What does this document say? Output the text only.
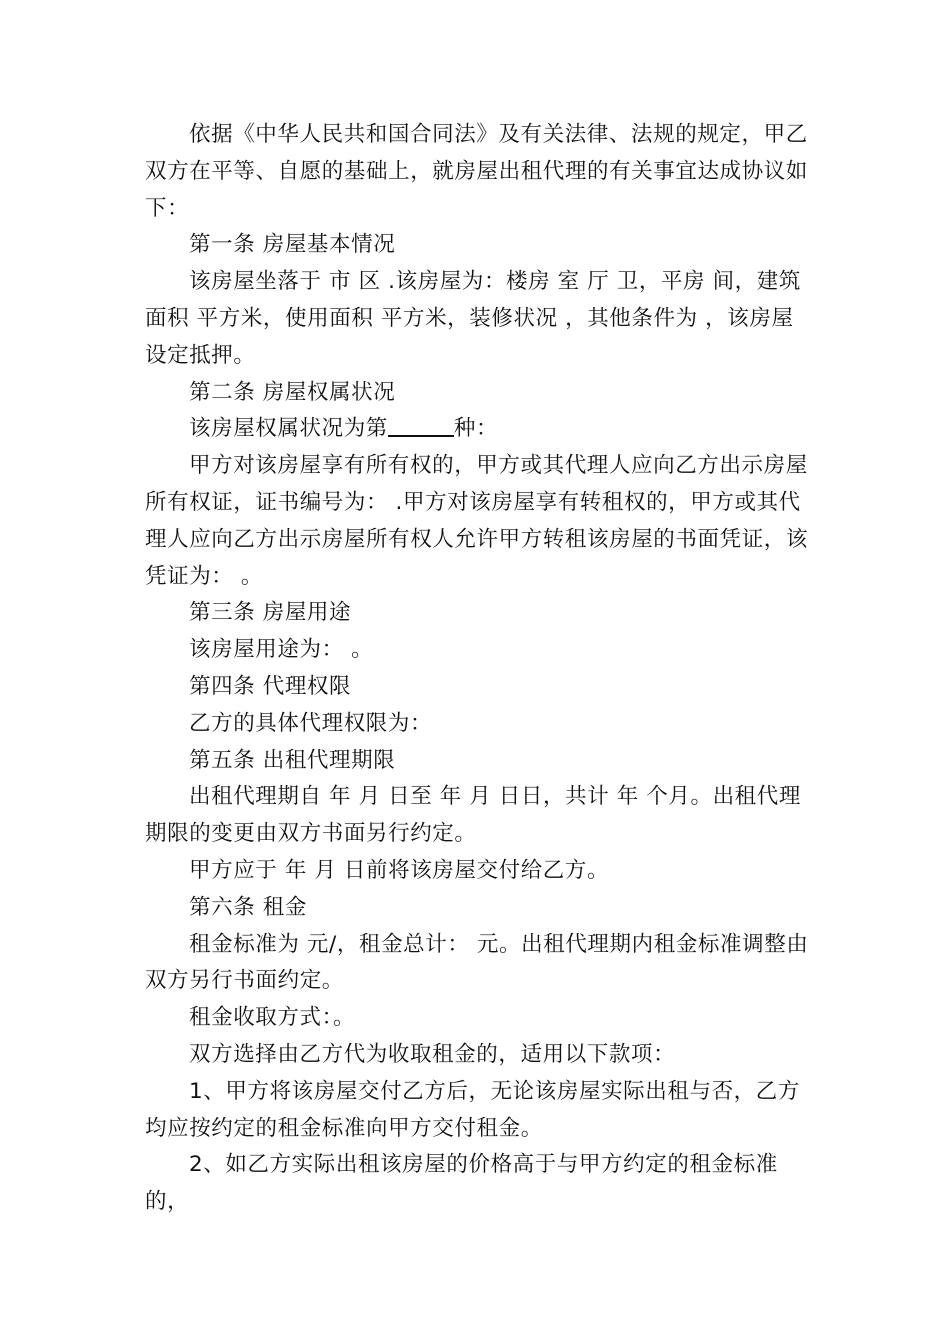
依据《中华人民共和国合同法》及有关法律、法规的规定，甲乙双方在平等、自愿的基础上，就房屋出租代理的有关事宜达成协议如下：

第一条 房屋基本情况

该房屋坐落于 市 区 .该房屋为：楼房 室 厅 卫，平房 间，建筑面积 平方米，使用面积 平方米，装修状况 ，其他条件为 ，该房屋设定抵押。

第二条 房屋权属状况

该房屋权属状况为第	种：

甲方对该房屋享有所有权的，甲方或其代理人应向乙方出示房屋所有权证，证书编号为： .甲方对该房屋享有转租权的，甲方或其代理人应向乙方出示房屋所有权人允许甲方转租该房屋的书面凭证，该凭证为： 。

第三条 房屋用途

该房屋用途为： 。

第四条 代理权限

乙方的具体代理权限为：

第五条 出租代理期限

出租代理期自 年 月 日至 年 月 日日，共计 年 个月。出租代理期限的变更由双方书面另行约定。

甲方应于 年 月 日前将该房屋交付给乙方。

第六条 租金

租金标准为 元/，租金总计： 元。出租代理期内租金标准调整由双方另行书面约定。

租金收取方式：。

双方选择由乙方代为收取租金的，适用以下款项：

1、甲方将该房屋交付乙方后，无论该房屋实际出租与否，乙方均应按约定的租金标准向甲方交付租金。

2、如乙方实际出租该房屋的价格高于与甲方约定的租金标准的，
